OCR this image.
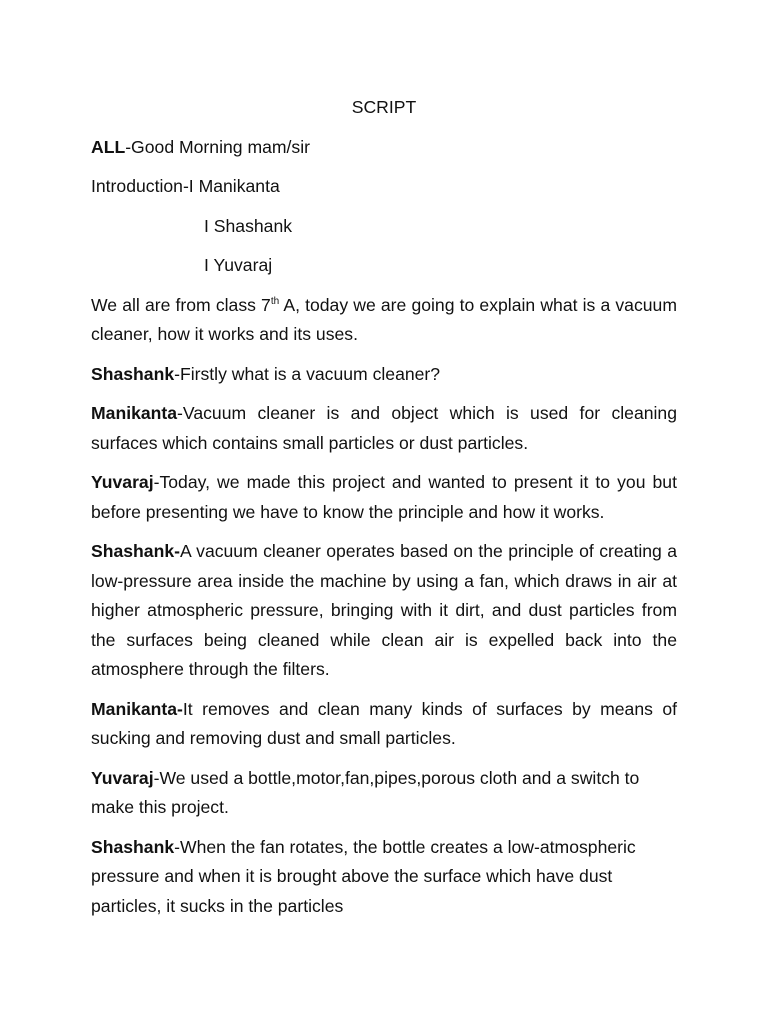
SCRIPT

ALL-Good Morning mam/sir

Introduction-I Manikanta

I Shashank

I Yuvaraj

We all are from class 7th A, today we are going to explain what is a vacuum cleaner, how it works and its uses.

Shashank-Firstly what is a vacuum cleaner?

Manikanta-Vacuum cleaner is and object which is used for cleaning surfaces which contains small particles or dust particles.

Yuvaraj-Today, we made this project and wanted to present it to you but before presenting we have to know the principle and how it works.

Shashank-A vacuum cleaner operates based on the principle of creating a low-pressure area inside the machine by using a fan, which draws in air at higher atmospheric pressure, bringing with it dirt, and dust particles from the surfaces being cleaned while clean air is expelled back into the atmosphere through the filters.

Manikanta-It removes and clean many kinds of surfaces by means of sucking and removing dust and small particles.

Yuvaraj-We used a bottle,motor,fan,pipes,porous cloth and a switch to make this project.

Shashank-When the fan rotates, the bottle creates a low-atmospheric pressure and when it is brought above the surface which have dust particles, it sucks in the particles
